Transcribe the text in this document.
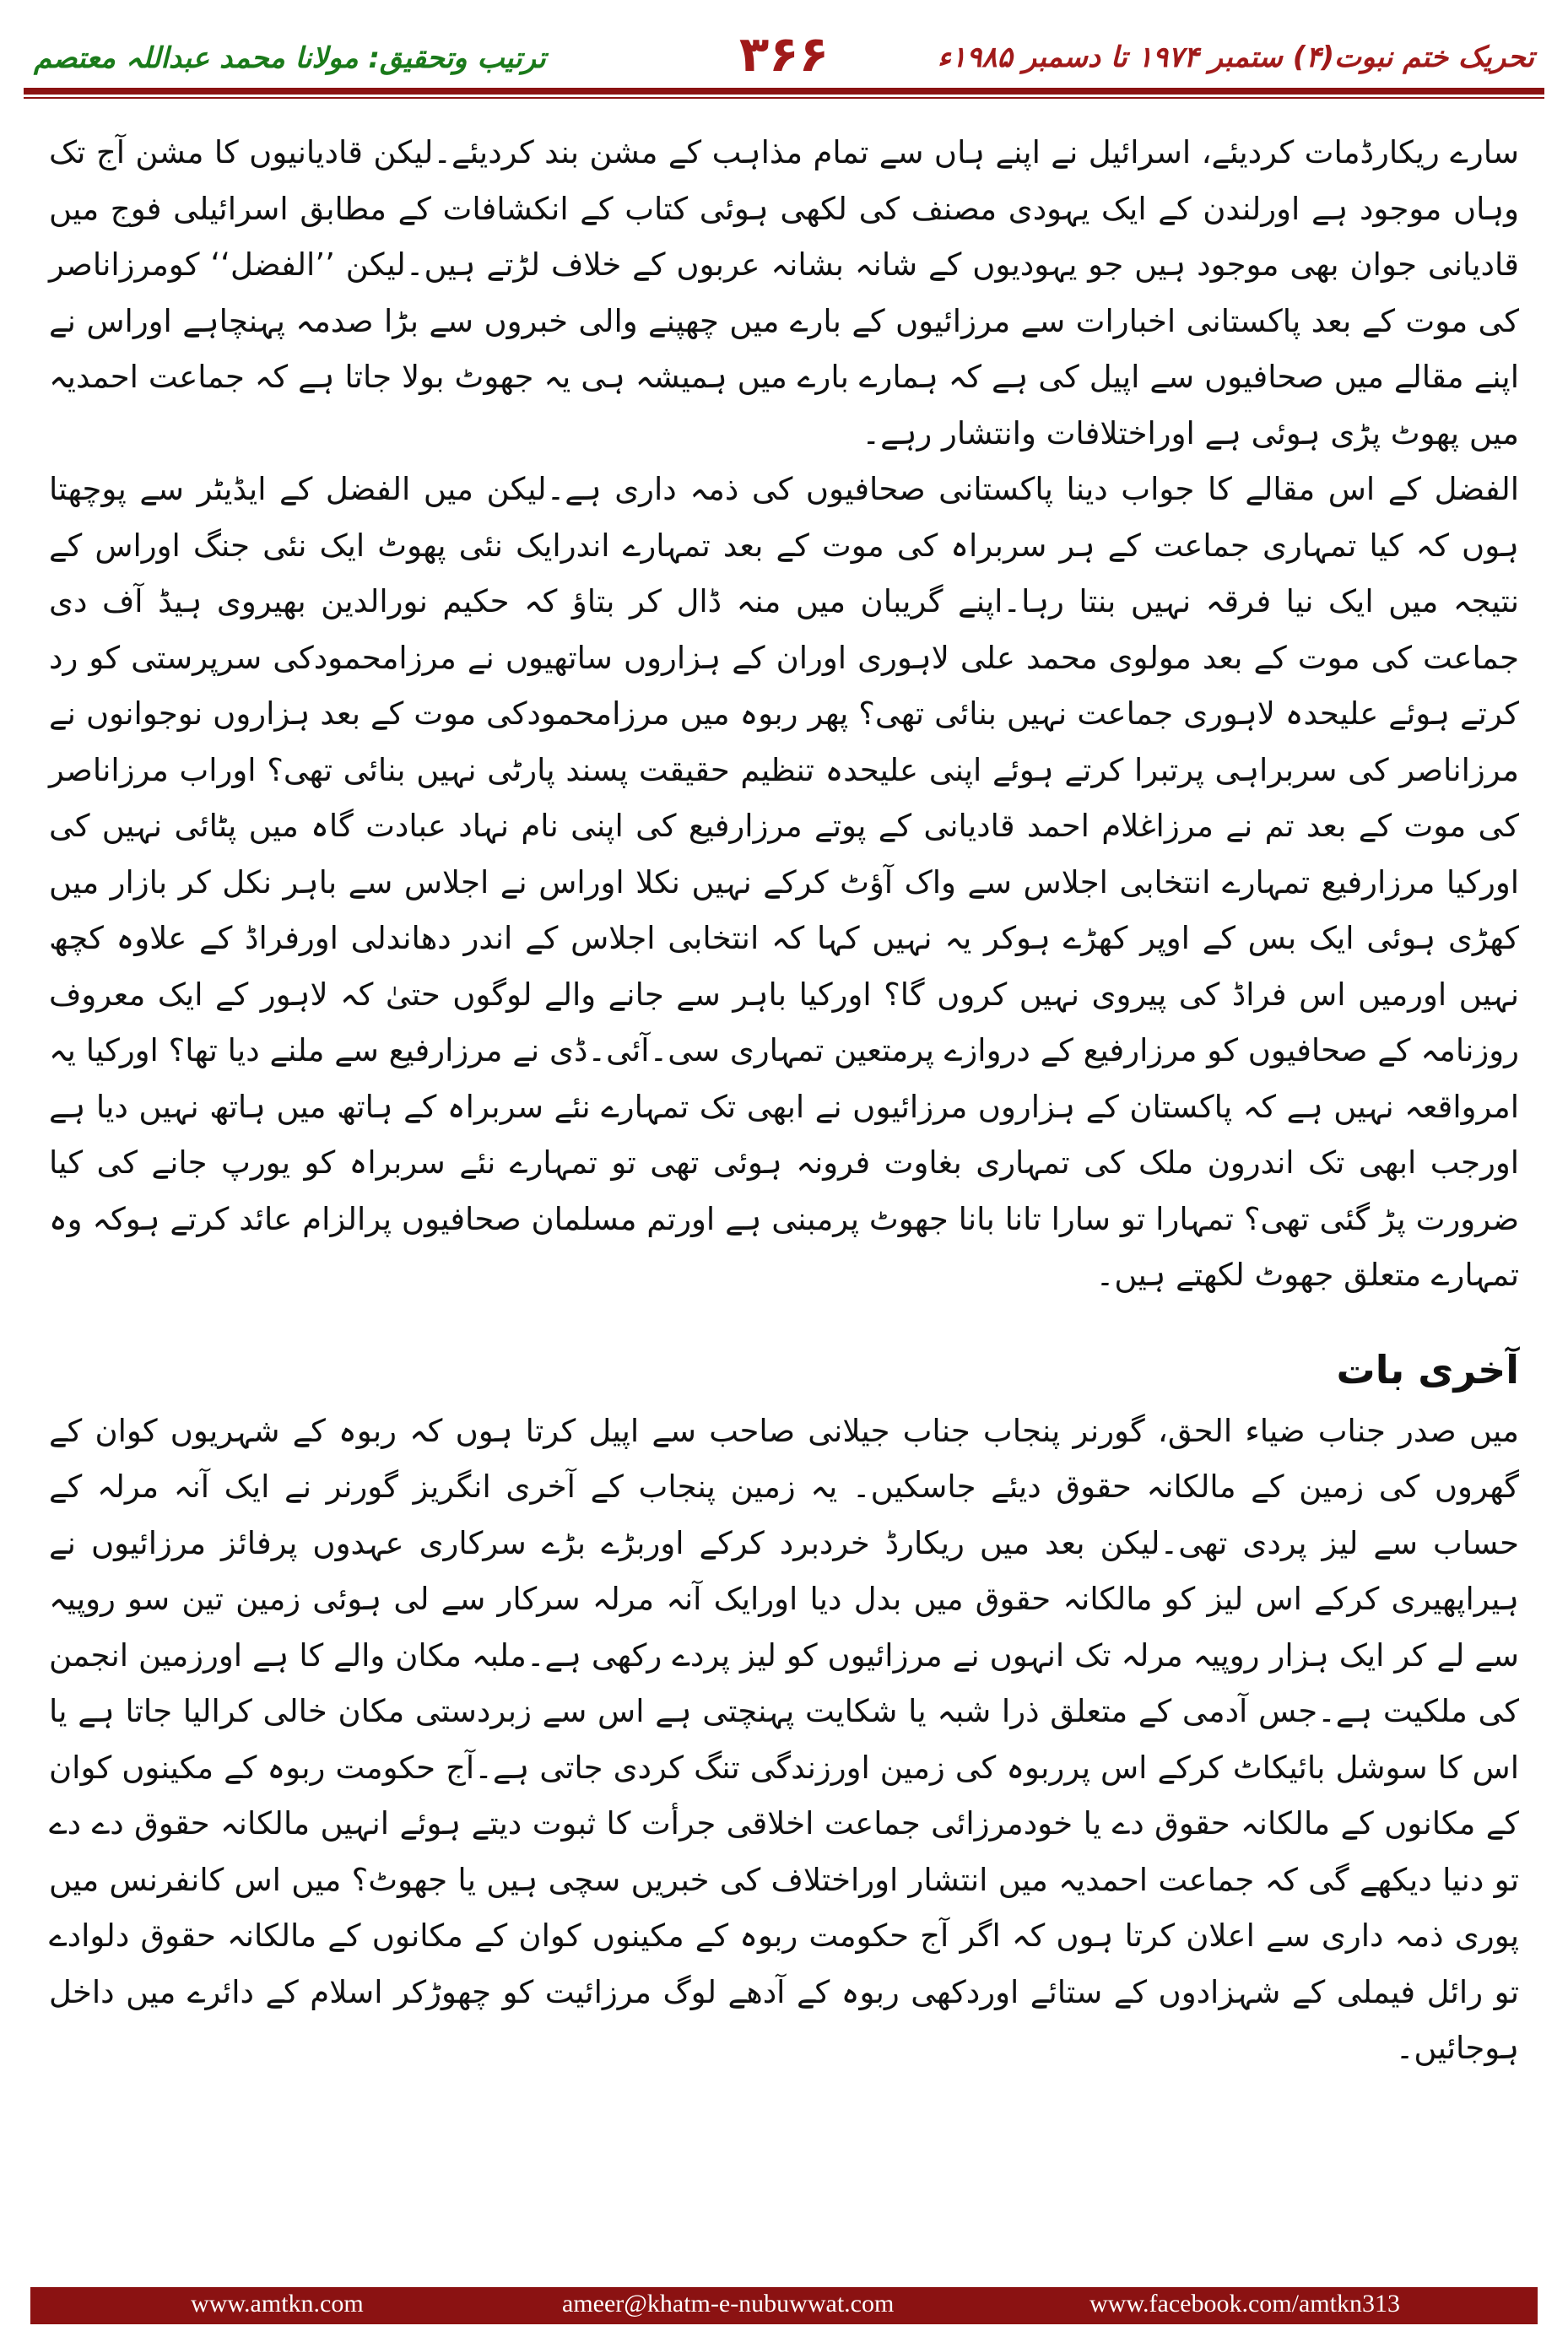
تحریک ختم نبوت(۴) ستمبر ۱۹۷۴ تا دسمبر ۱۹۸۵ء
۳۶۶
ترتیب وتحقیق: مولانا محمد عبداللہ معتصم

سارے ریکارڈمات کردیئے، اسرائیل نے اپنے ہاں سے تمام مذاہب کے مشن بند کردیئے۔لیکن قادیانیوں کا مشن آج تک وہاں موجود ہے اورلندن کے ایک یہودی مصنف کی لکھی ہوئی کتاب کے انکشافات کے مطابق اسرائیلی فوج میں قادیانی جوان بھی موجود ہیں جو یہودیوں کے شانہ بشانہ عربوں کے خلاف لڑتے ہیں۔لیکن ’’الفضل‘‘ کومرزاناصر کی موت کے بعد پاکستانی اخبارات سے مرزائیوں کے بارے میں چھپنے والی خبروں سے بڑا صدمہ پہنچاہے اوراس نے اپنے مقالے میں صحافیوں سے اپیل کی ہے کہ ہمارے بارے میں ہمیشہ ہی یہ جھوٹ بولا جاتا ہے کہ جماعت احمدیہ میں پھوٹ پڑی ہوئی ہے اوراختلافات وانتشار رہے۔

الفضل کے اس مقالے کا جواب دینا پاکستانی صحافیوں کی ذمہ داری ہے۔لیکن میں الفضل کے ایڈیٹر سے پوچھتا ہوں کہ کیا تمہاری جماعت کے ہر سربراہ کی موت کے بعد تمہارے اندرایک نئی پھوٹ ایک نئی جنگ اوراس کے نتیجہ میں ایک نیا فرقہ نہیں بنتا رہا۔اپنے گریبان میں منہ ڈال کر بتاؤ کہ حکیم نورالدین بھیروی ہیڈ آف دی جماعت کی موت کے بعد مولوی محمد علی لاہوری اوران کے ہزاروں ساتھیوں نے مرزامحمودکی سرپرستی کو رد کرتے ہوئے علیحدہ لاہوری جماعت نہیں بنائی تھی؟ پھر ربوہ میں مرزامحمودکی موت کے بعد ہزاروں نوجوانوں نے مرزاناصر کی سربراہی پرتبرا کرتے ہوئے اپنی علیحدہ تنظیم حقیقت پسند پارٹی نہیں بنائی تھی؟ اوراب مرزاناصر کی موت کے بعد تم نے مرزاغلام احمد قادیانی کے پوتے مرزارفیع کی اپنی نام نہاد عبادت گاہ میں پٹائی نہیں کی اورکیا مرزارفیع تمہارے انتخابی اجلاس سے واک آؤٹ کرکے نہیں نکلا اوراس نے اجلاس سے باہر نکل کر بازار میں کھڑی ہوئی ایک بس کے اوپر کھڑے ہوکر یہ نہیں کہا کہ انتخابی اجلاس کے اندر دھاندلی اورفراڈ کے علاوہ کچھ نہیں اورمیں اس فراڈ کی پیروی نہیں کروں گا؟ اورکیا باہر سے جانے والے لوگوں حتیٰ کہ لاہور کے ایک معروف روزنامہ کے صحافیوں کو مرزارفیع کے دروازے پرمتعین تمہاری سی۔آئی۔ڈی نے مرزارفیع سے ملنے دیا تھا؟ اورکیا یہ امرواقعہ نہیں ہے کہ پاکستان کے ہزاروں مرزائیوں نے ابھی تک تمہارے نئے سربراہ کے ہاتھ میں ہاتھ نہیں دیا ہے اورجب ابھی تک اندرون ملک کی تمہاری بغاوت فرونہ ہوئی تھی تو تمہارے نئے سربراہ کو یورپ جانے کی کیا ضرورت پڑ گئی تھی؟ تمہارا تو سارا تانا بانا جھوٹ پرمبنی ہے اورتم مسلمان صحافیوں پرالزام عائد کرتے ہوکہ وہ تمہارے متعلق جھوٹ لکھتے ہیں۔

آخری بات

میں صدر جناب ضیاء الحق، گورنر پنجاب جناب جیلانی صاحب سے اپیل کرتا ہوں کہ ربوہ کے شہریوں کوان کے گھروں کی زمین کے مالکانہ حقوق دیئے جاسکیں۔ یہ زمین پنجاب کے آخری انگریز گورنر نے ایک آنہ مرلہ کے حساب سے لیز پردی تھی۔لیکن بعد میں ریکارڈ خردبرد کرکے اوربڑے بڑے سرکاری عہدوں پرفائز مرزائیوں نے ہیراپھیری کرکے اس لیز کو مالکانہ حقوق میں بدل دیا اورایک آنہ مرلہ سرکار سے لی ہوئی زمین تین سو روپیہ سے لے کر ایک ہزار روپیہ مرلہ تک انہوں نے مرزائیوں کو لیز پردے رکھی ہے۔ملبہ مکان والے کا ہے اورزمین انجمن کی ملکیت ہے۔جس آدمی کے متعلق ذرا شبہ یا شکایت پہنچتی ہے اس سے زبردستی مکان خالی کرالیا جاتا ہے یا اس کا سوشل بائیکاٹ کرکے اس پرربوہ کی زمین اورزندگی تنگ کردی جاتی ہے۔آج حکومت ربوہ کے مکینوں کوان کے مکانوں کے مالکانہ حقوق دے یا خودمرزائی جماعت اخلاقی جرأت کا ثبوت دیتے ہوئے انہیں مالکانہ حقوق دے دے تو دنیا دیکھے گی کہ جماعت احمدیہ میں انتشار اوراختلاف کی خبریں سچی ہیں یا جھوٹ؟ میں اس کانفرنس میں پوری ذمہ داری سے اعلان کرتا ہوں کہ اگر آج حکومت ربوہ کے مکینوں کوان کے مکانوں کے مالکانہ حقوق دلوادے تو رائل فیملی کے شہزادوں کے ستائے اوردکھی ربوہ کے آدھے لوگ مرزائیت کو چھوڑکر اسلام کے دائرے میں داخل ہوجائیں۔

www.amtkn.com	ameer@khatm-e-nubuwwat.com	www.facebook.com/amtkn313
